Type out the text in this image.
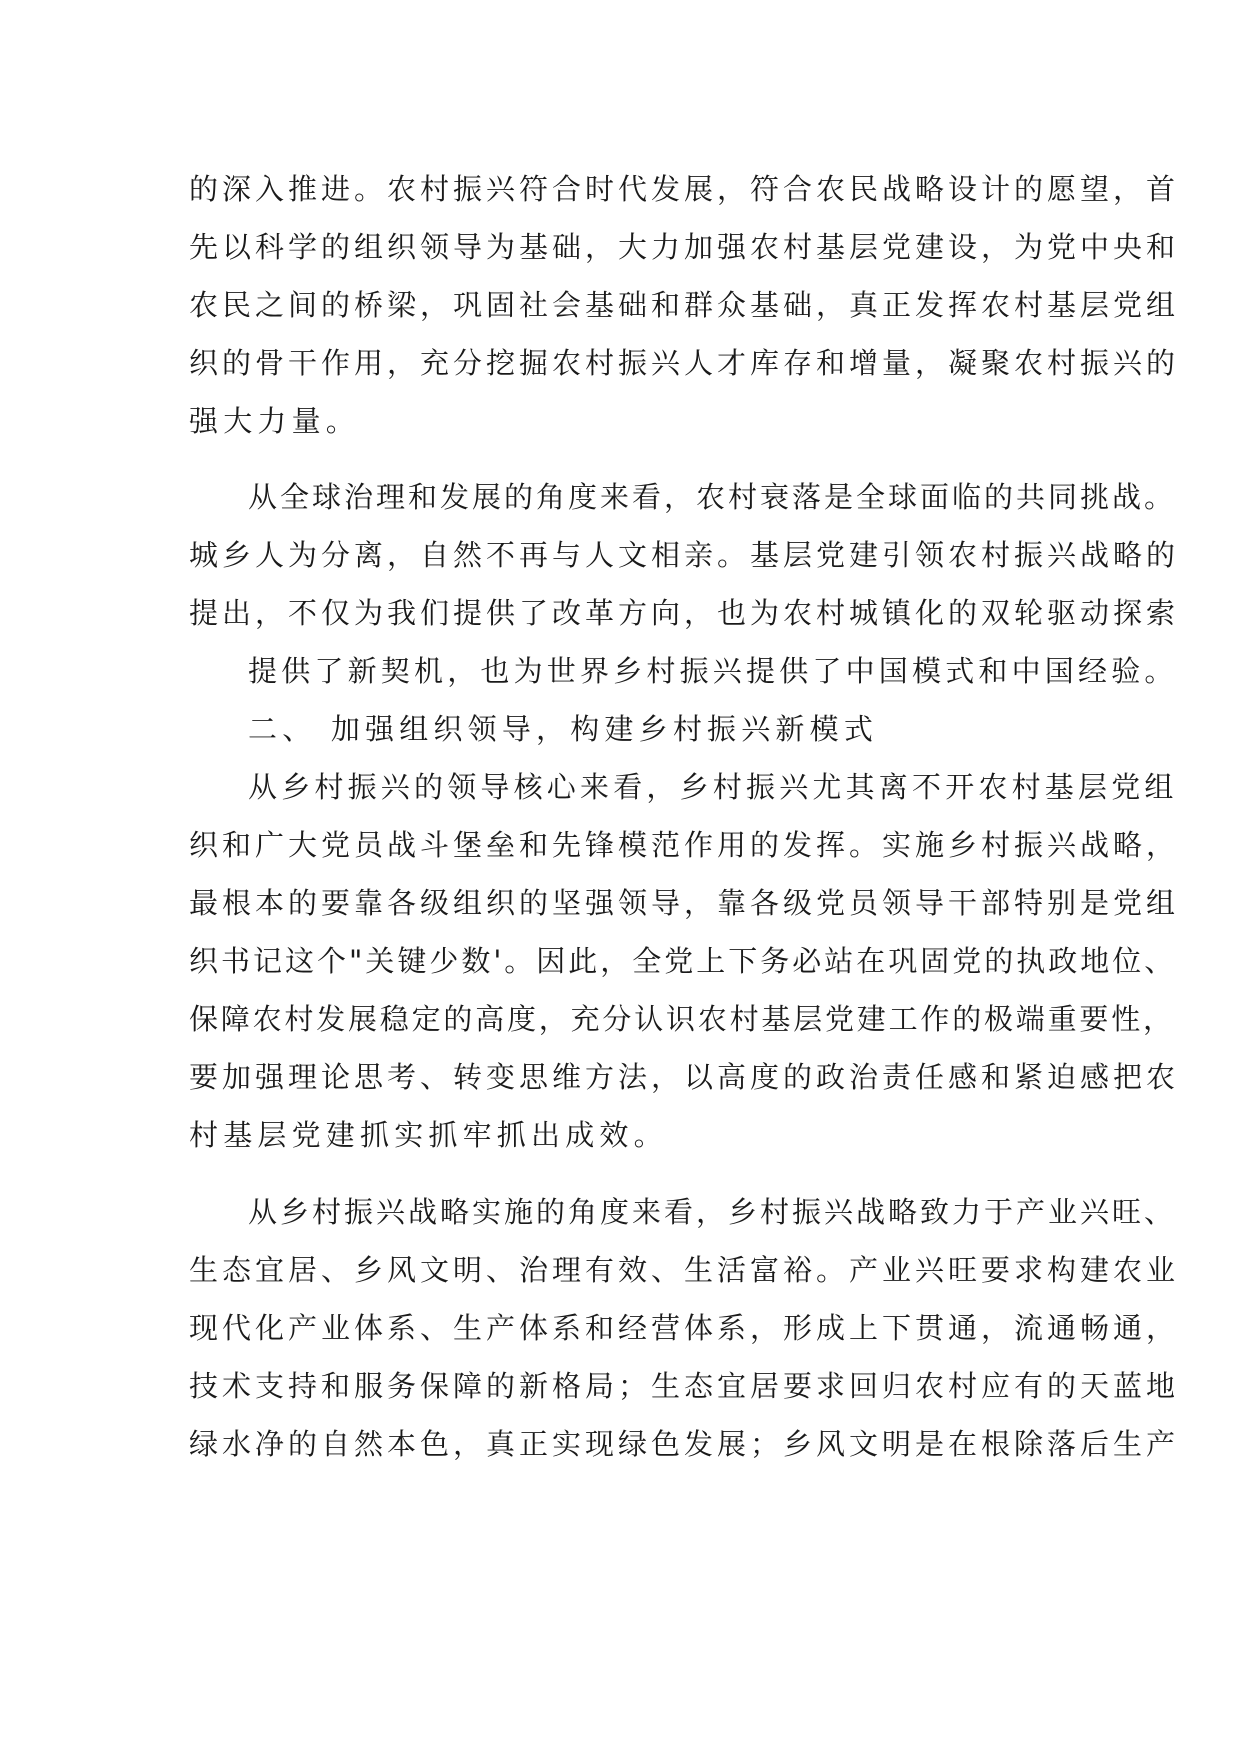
的深入推进。农村振兴符合时代发展，符合农民战略设计的愿望，首
先以科学的组织领导为基础，大力加强农村基层党建设，为党中央和
农民之间的桥梁，巩固社会基础和群众基础，真正发挥农村基层党组
织的骨干作用，充分挖掘农村振兴人才库存和增量，凝聚农村振兴的
强大力量。
从全球治理和发展的角度来看，农村衰落是全球面临的共同挑战。
城乡人为分离，自然不再与人文相亲。基层党建引领农村振兴战略的
提出，不仅为我们提供了改革方向，也为农村城镇化的双轮驱动探索
提供了新契机，也为世界乡村振兴提供了中国模式和中国经验。
二、 加强组织领导，构建乡村振兴新模式
从乡村振兴的领导核心来看，乡村振兴尤其离不开农村基层党组
织和广大党员战斗堡垒和先锋模范作用的发挥。实施乡村振兴战略，
最根本的要靠各级组织的坚强领导，靠各级党员领导干部特别是党组
织书记这个"关键少数'。因此，全党上下务必站在巩固党的执政地位、
保障农村发展稳定的高度，充分认识农村基层党建工作的极端重要性，
要加强理论思考、转变思维方法，以高度的政治责任感和紧迫感把农
村基层党建抓实抓牢抓出成效。
从乡村振兴战略实施的角度来看，乡村振兴战略致力于产业兴旺、
生态宜居、乡风文明、治理有效、生活富裕。产业兴旺要求构建农业
现代化产业体系、生产体系和经营体系，形成上下贯通，流通畅通，
技术支持和服务保障的新格局；生态宜居要求回归农村应有的天蓝地
绿水净的自然本色，真正实现绿色发展；乡风文明是在根除落后生产
